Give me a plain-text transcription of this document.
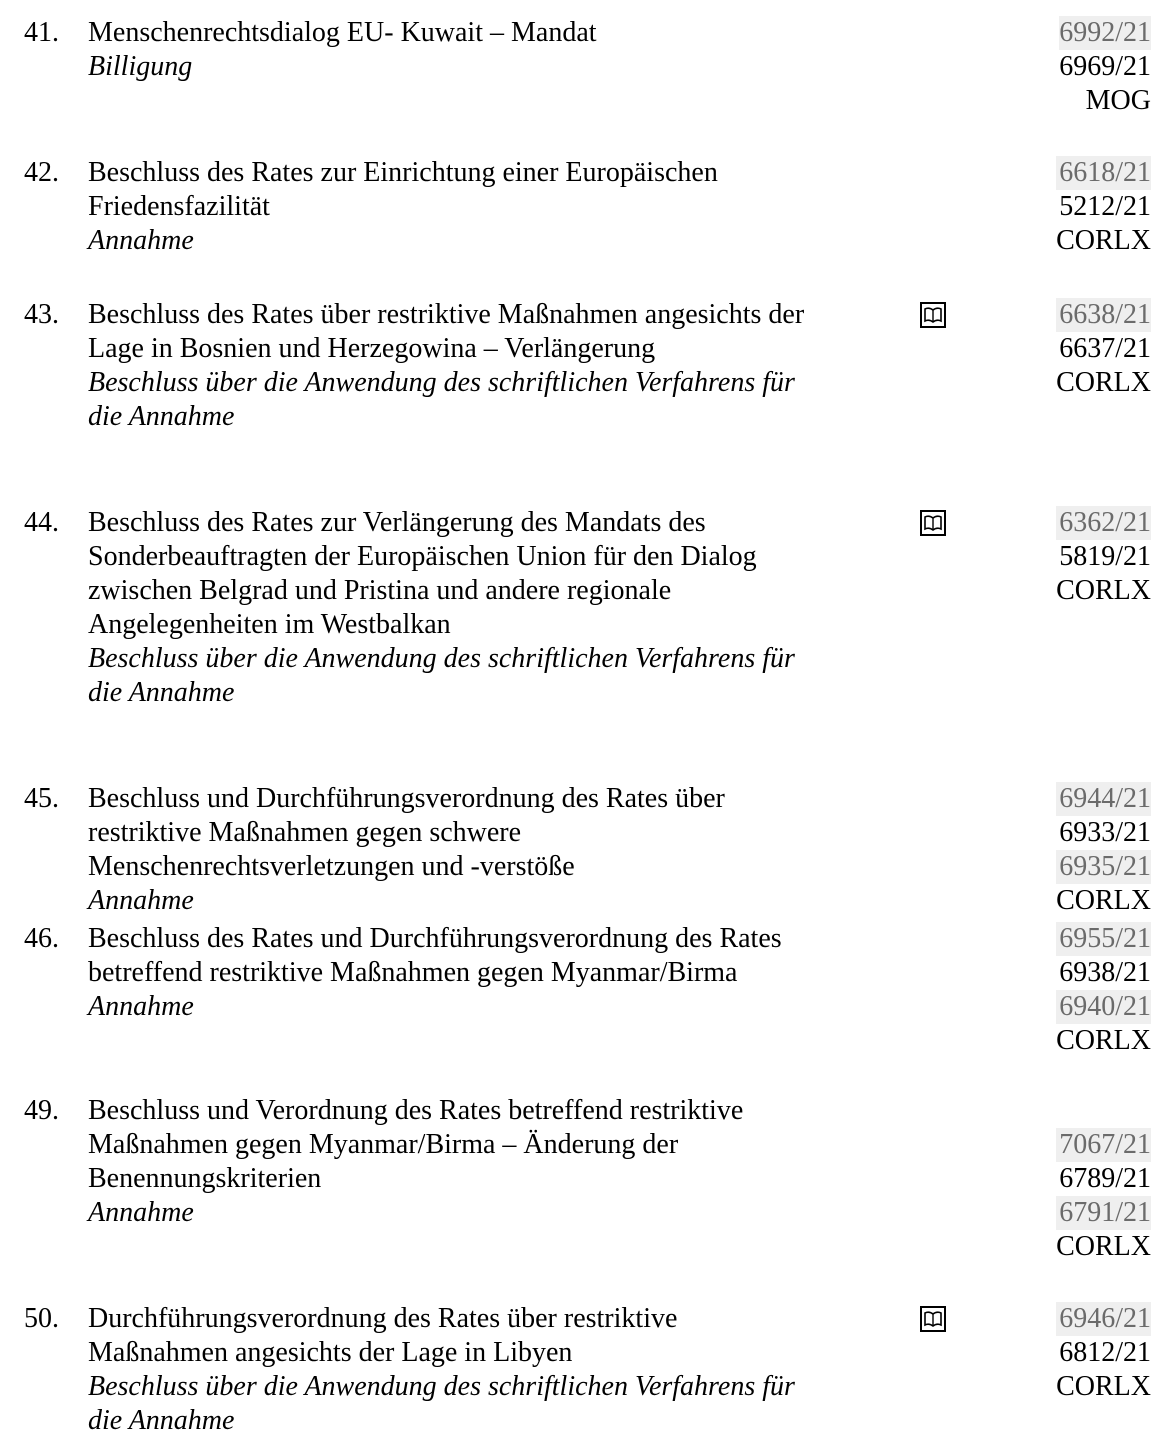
41.	Menschenrechtsdialog EU- Kuwait – Mandat
Billigung
6992/21
6969/21
MOG
42.	Beschluss des Rates zur Einrichtung einer Europäischen
Friedensfazilität
Annahme
6618/21
5212/21
CORLX
43.	Beschluss des Rates über restriktive Maßnahmen angesichts der
Lage in Bosnien und Herzegowina – Verlängerung
Beschluss über die Anwendung des schriftlichen Verfahrens für
die Annahme
6638/21
6637/21
CORLX
44.	Beschluss des Rates zur Verlängerung des Mandats des
Sonderbeauftragten der Europäischen Union für den Dialog
zwischen Belgrad und Pristina und andere regionale
Angelegenheiten im Westbalkan
Beschluss über die Anwendung des schriftlichen Verfahrens für
die Annahme
6362/21
5819/21
CORLX
45.	Beschluss und Durchführungsverordnung des Rates über
restriktive Maßnahmen gegen schwere
Menschenrechtsverletzungen und -verstöße
Annahme
6944/21
6933/21
6935/21
CORLX
46.	Beschluss des Rates und Durchführungsverordnung des Rates
betreffend restriktive Maßnahmen gegen Myanmar/Birma
Annahme
6955/21
6938/21
6940/21
CORLX
49.	Beschluss und Verordnung des Rates betreffend restriktive
Maßnahmen gegen Myanmar/Birma – Änderung der
Benennungskriterien
Annahme
7067/21
6789/21
6791/21
CORLX
50.	Durchführungsverordnung des Rates über restriktive
Maßnahmen angesichts der Lage in Libyen
Beschluss über die Anwendung des schriftlichen Verfahrens für
die Annahme
6946/21
6812/21
CORLX
